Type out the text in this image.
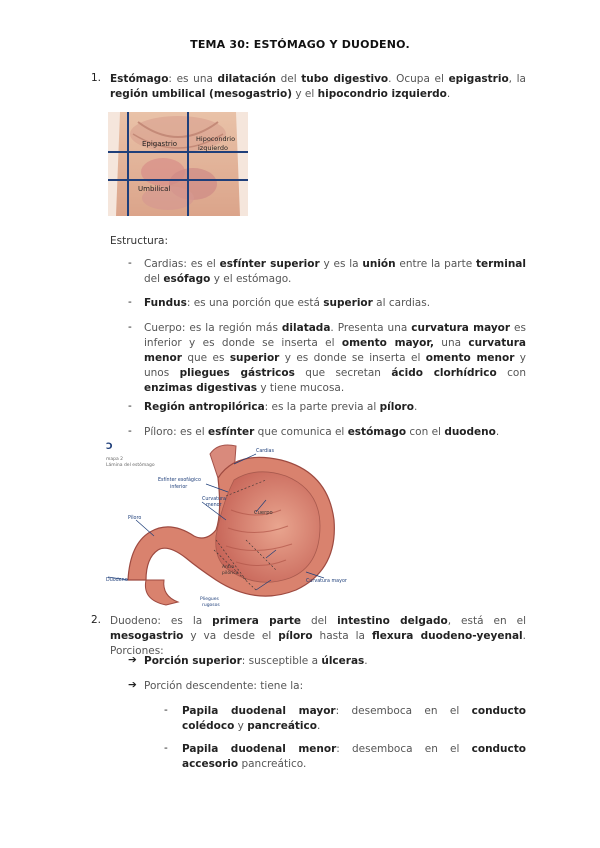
TEMA 30: ESTÓMAGO Y DUODENO.
1. Estómago: es una dilatación del tubo digestivo. Ocupa el epigastrio, la región umbilical (mesogastrio) y el hipocondrio izquierdo.
Epigastrio
Hipocondrio
izquierdo
Umbilical
Estructura:
- Cardias: es el esfínter superior y es la unión entre la parte terminal del esófago y el estómago.
- Fundus: es una porción que está superior al cardias.
- Cuerpo: es la región más dilatada. Presenta una curvatura mayor es inferior y es donde se inserta el omento mayor, una curvatura menor que es superior y es donde se inserta el omento menor y unos pliegues gástricos que secretan ácido clorhídrico con enzimas digestivas y tiene mucosa.
- Región antropilórica: es la parte previa al píloro.
- Píloro: es el esfínter que comunica el estómago con el duodeno.
Ↄ
mapa 2
Lámina del estómago
Cardias
Esfínter esofágico
inferior
Píloro
Curvatura
menor
Cuerpo
Duodeno
Antro
pilórico
Pliegues
rugosos
Curvatura mayor
2. Duodeno: es la primera parte del intestino delgado, está en el mesogastrio y va desde el píloro hasta la flexura duodeno-yeyenal. Porciones:
➔ Porción superior: susceptible a úlceras.
➔ Porción descendente: tiene la:
- Papila duodenal mayor: desemboca en el conducto colédoco y pancreático.
- Papila duodenal menor: desemboca en el conducto accesorio pancreático.
